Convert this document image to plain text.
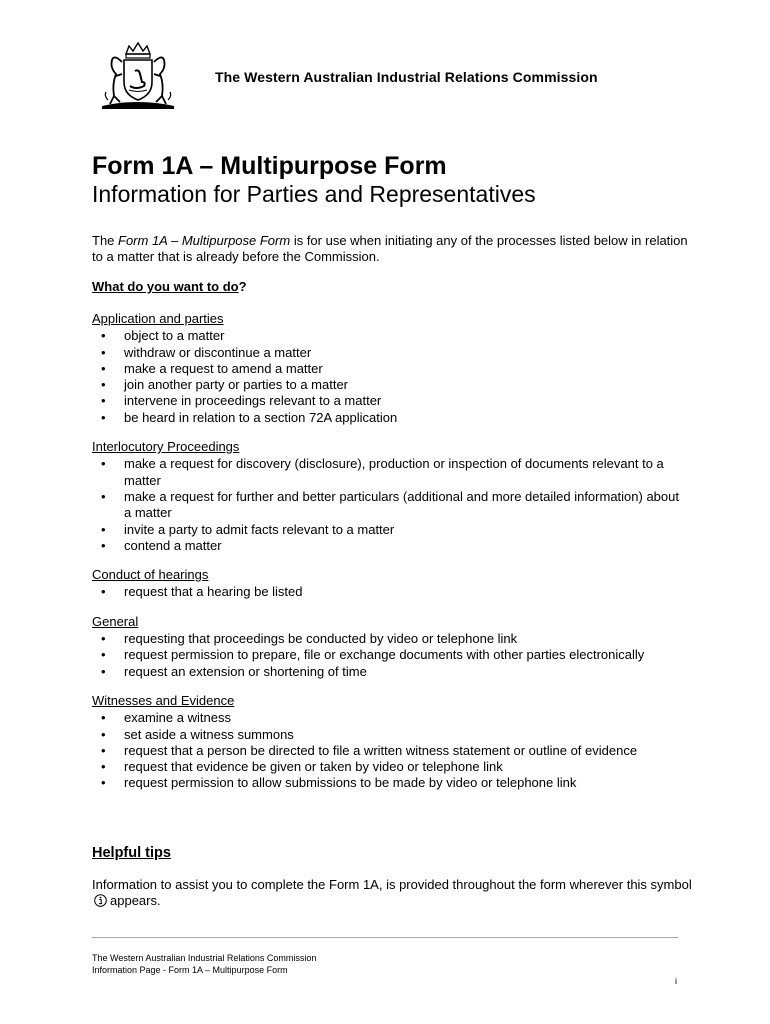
The Western Australian Industrial Relations Commission
Form 1A – Multipurpose Form
Information for Parties and Representatives
The Form 1A – Multipurpose Form is for use when initiating any of the processes listed below in relation to a matter that is already before the Commission.
What do you want to do?
Application and parties
• object to a matter
• withdraw or discontinue a matter
• make a request to amend a matter
• join another party or parties to a matter
• intervene in proceedings relevant to a matter
• be heard in relation to a section 72A application
Interlocutory Proceedings
• make a request for discovery (disclosure), production or inspection of documents relevant to a matter
• make a request for further and better particulars (additional and more detailed information) about a matter
• invite a party to admit facts relevant to a matter
• contend a matter
Conduct of hearings
• request that a hearing be listed
General
• requesting that proceedings be conducted by video or telephone link
• request permission to prepare, file or exchange documents with other parties electronically
• request an extension or shortening of time
Witnesses and Evidence
• examine a witness
• set aside a witness summons
• request that a person be directed to file a written witness statement or outline of evidence
• request that evidence be given or taken by video or telephone link
• request permission to allow submissions to be made by video or telephone link
Helpful tips
Information to assist you to complete the Form 1A, is provided throughout the form wherever this symbol appears.
The Western Australian Industrial Relations Commission
Information Page - Form 1A – Multipurpose Form
i
